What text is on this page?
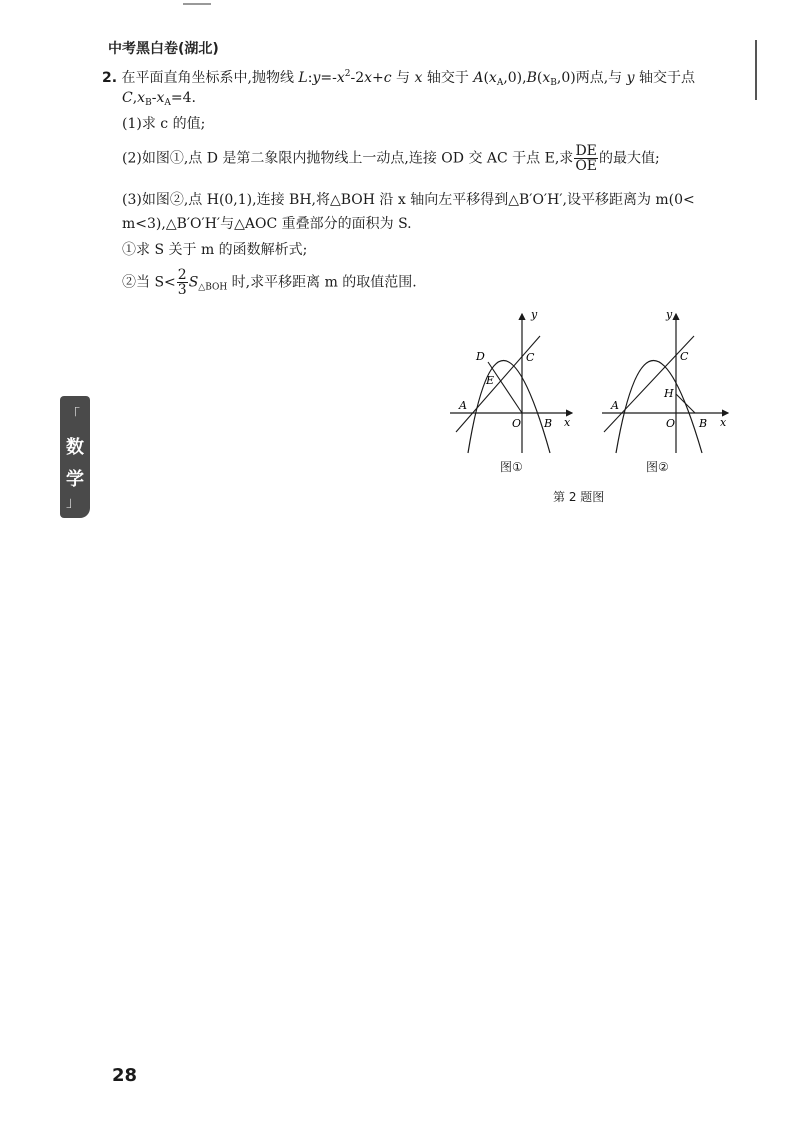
中考黑白卷(湖北)
2. 在平面直角坐标系中,抛物线 $L:y=-x^2-2x+c$ 与 x 轴交于 $A(x_A,0),B(x_B,0)$两点,与 y 轴交于点
$C,x_B-x_A=4$.
(1)求 c 的值;
(2)如图①,点 D 是第二象限内抛物线上一动点,连接 OD 交 AC 于点 E,求 $\frac{DE}{OE}$ 的最大值;
(3)如图②,点 H(0,1),连接 BH,将△BOH 沿 x 轴向左平移得到△B′O′H′,设平移距离为 m(0<
m<3),△B′O′H′与△AOC 重叠部分的面积为 S.
①求 S 关于 m 的函数解析式;
②当 $S< \frac{2}{3} S_{\triangle BOH}$ 时,求平移距离 m 的取值范围.
「
数
学
」
y
x
O
A
B
C
D
E
图①
y
x
O
A
B
C
H
图②
第 2 题图
28
